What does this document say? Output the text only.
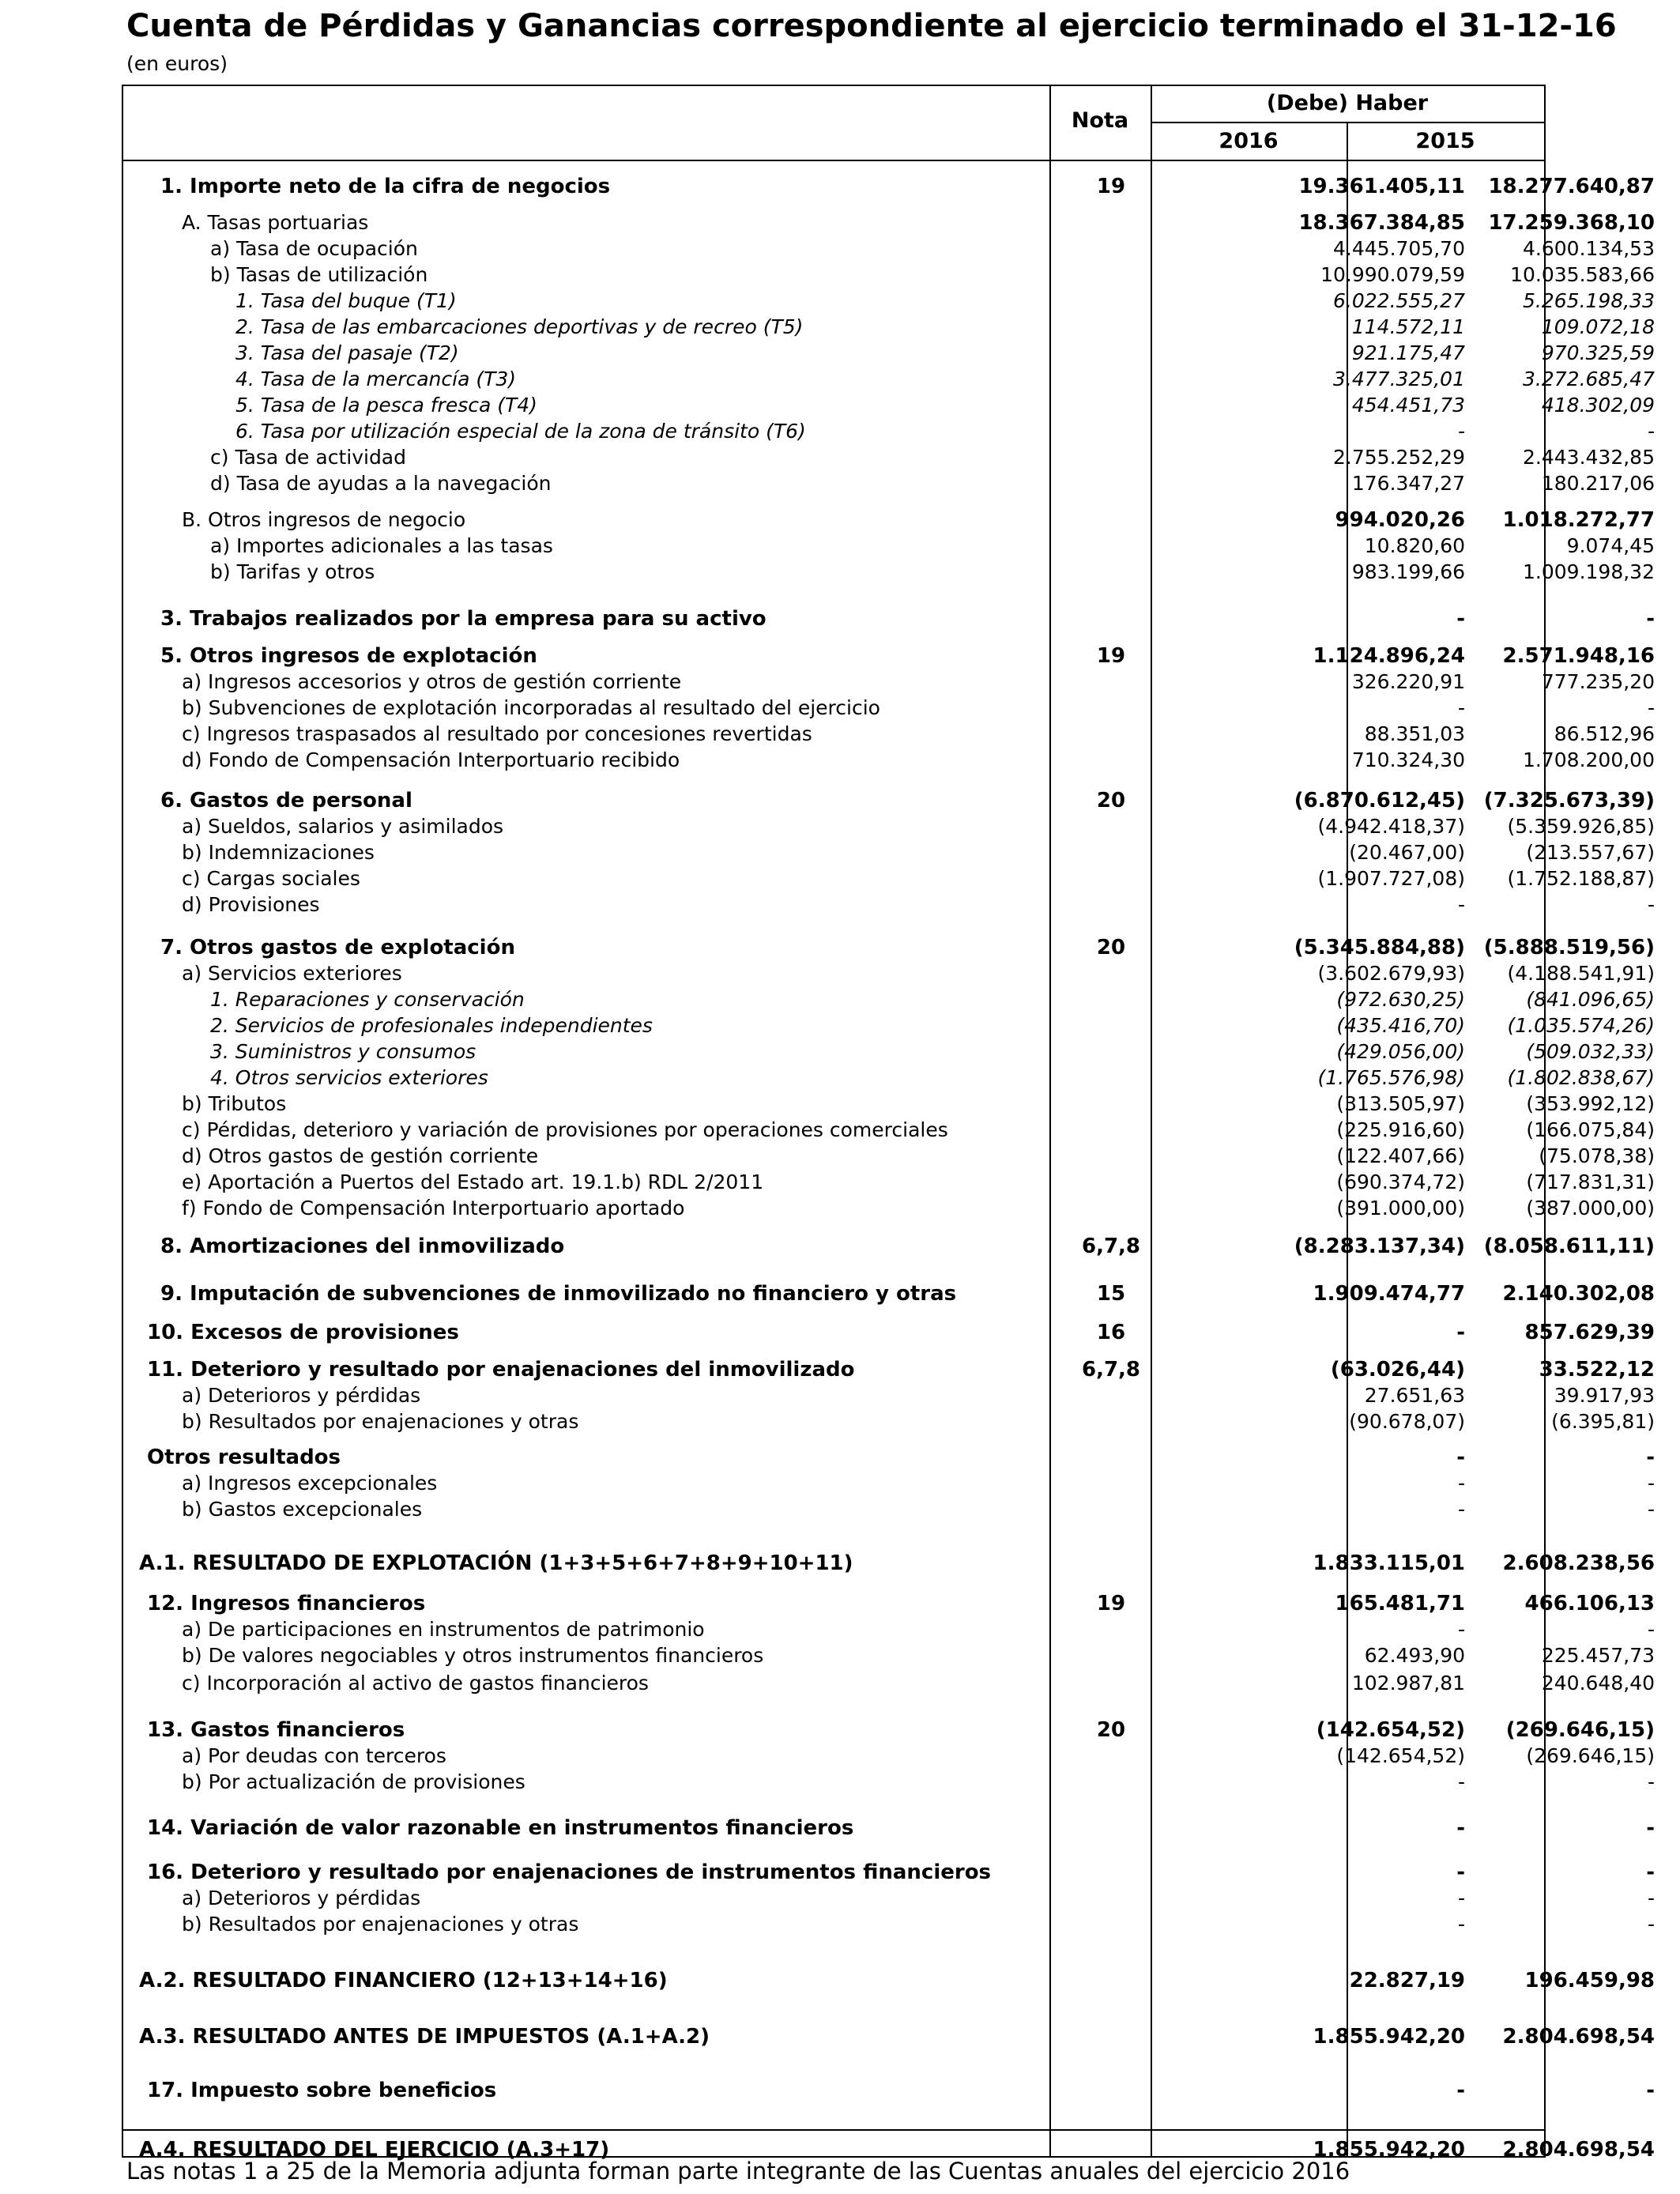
Cuenta de Pérdidas y Ganancias correspondiente al ejercicio terminado el 31-12-16
(en euros)
Nota
(Debe) Haber
2016	2015
1. Importe neto de la cifra de negocios	19	19.361.405,11	18.277.640,87
A. Tasas portuarias	18.367.384,85	17.259.368,10
a) Tasa de ocupación	4.445.705,70	4.600.134,53
b) Tasas de utilización	10.990.079,59	10.035.583,66
1. Tasa del buque (T1)	6.022.555,27	5.265.198,33
2. Tasa de las embarcaciones deportivas y de recreo (T5)	114.572,11	109.072,18
3. Tasa del pasaje (T2)	921.175,47	970.325,59
4. Tasa de la mercancía (T3)	3.477.325,01	3.272.685,47
5. Tasa de la pesca fresca (T4)	454.451,73	418.302,09
6. Tasa por utilización especial de la zona de tránsito (T6)	-	-
c) Tasa de actividad	2.755.252,29	2.443.432,85
d) Tasa de ayudas a la navegación	176.347,27	180.217,06
B. Otros ingresos de negocio	994.020,26	1.018.272,77
a) Importes adicionales a las tasas	10.820,60	9.074,45
b) Tarifas y otros	983.199,66	1.009.198,32
3. Trabajos realizados por la empresa para su activo	-	-
5. Otros ingresos de explotación	19	1.124.896,24	2.571.948,16
a) Ingresos accesorios y otros de gestión corriente	326.220,91	777.235,20
b) Subvenciones de explotación incorporadas al resultado del ejercicio	-	-
c) Ingresos traspasados al resultado por concesiones revertidas	88.351,03	86.512,96
d) Fondo de Compensación Interportuario recibido	710.324,30	1.708.200,00
6. Gastos de personal	20	(6.870.612,45) (7.325.673,39)
a) Sueldos, salarios y asimilados	(4.942.418,37)	(5.359.926,85)
b) Indemnizaciones	(20.467,00)	(213.557,67)
c) Cargas sociales	(1.907.727,08)	(1.752.188,87)
d) Provisiones	-	-
7. Otros gastos de explotación	20	(5.345.884,88) (5.888.519,56)
a) Servicios exteriores	(3.602.679,93)	(4.188.541,91)
1. Reparaciones y conservación	(972.630,25)	(841.096,65)
2. Servicios de profesionales independientes	(435.416,70)	(1.035.574,26)
3. Suministros y consumos	(429.056,00)	(509.032,33)
4. Otros servicios exteriores	(1.765.576,98)	(1.802.838,67)
b) Tributos	(313.505,97)	(353.992,12)
c) Pérdidas, deterioro y variación de provisiones por operaciones comerciales	(225.916,60)	(166.075,84)
d) Otros gastos de gestión corriente	(122.407,66)	(75.078,38)
e) Aportación a Puertos del Estado art. 19.1.b) RDL 2/2011	(690.374,72)	(717.831,31)
f) Fondo de Compensación Interportuario aportado	(391.000,00)	(387.000,00)
8. Amortizaciones del inmovilizado	6,7,8	(8.283.137,34) (8.058.611,11)
9. Imputación de subvenciones de inmovilizado no financiero y otras	15	1.909.474,77	2.140.302,08
10. Excesos de provisiones	16	-	857.629,39
11. Deterioro y resultado por enajenaciones del inmovilizado	6,7,8	(63.026,44)	33.522,12
a) Deterioros y pérdidas	27.651,63	39.917,93
b) Resultados por enajenaciones y otras	(90.678,07)	(6.395,81)
Otros resultados	-	-
a) Ingresos excepcionales	-	-
b) Gastos excepcionales	-	-
A.1. RESULTADO DE EXPLOTACIÓN (1+3+5+6+7+8+9+10+11)	1.833.115,01	2.608.238,56
12. Ingresos financieros	19	165.481,71	466.106,13
a) De participaciones en instrumentos de patrimonio	-	-
b) De valores negociables y otros instrumentos financieros	62.493,90	225.457,73
c) Incorporación al activo de gastos financieros	102.987,81	240.648,40
13. Gastos financieros	20	(142.654,52)	(269.646,15)
a) Por deudas con terceros	(142.654,52)	(269.646,15)
b) Por actualización de provisiones	-	-
14. Variación de valor razonable en instrumentos financieros	-	-
16. Deterioro y resultado por enajenaciones de instrumentos financieros	-	-
a) Deterioros y pérdidas	-	-
b) Resultados por enajenaciones y otras	-	-
A.2. RESULTADO FINANCIERO (12+13+14+16)	22.827,19	196.459,98
A.3. RESULTADO ANTES DE IMPUESTOS (A.1+A.2)	1.855.942,20	2.804.698,54
17. Impuesto sobre beneficios	-	-
A.4. RESULTADO DEL EJERCICIO (A.3+17)	1.855.942,20	2.804.698,54
Las notas 1 a 25 de la Memoria adjunta forman parte integrante de las Cuentas anuales del ejercicio 2016
